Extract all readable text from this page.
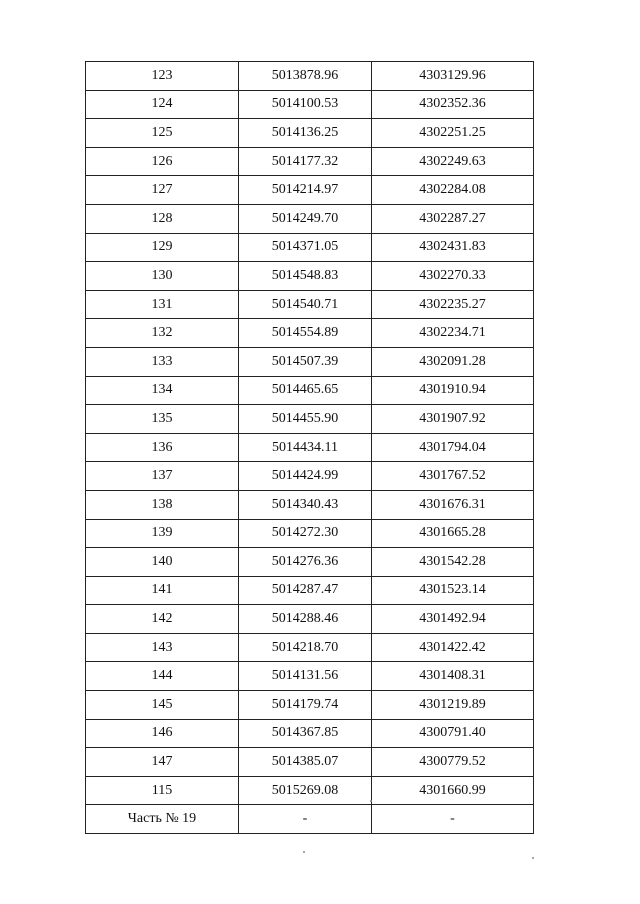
123	5013878.96	4303129.96
124	5014100.53	4302352.36
125	5014136.25	4302251.25
126	5014177.32	4302249.63
127	5014214.97	4302284.08
128	5014249.70	4302287.27
129	5014371.05	4302431.83
130	5014548.83	4302270.33
131	5014540.71	4302235.27
132	5014554.89	4302234.71
133	5014507.39	4302091.28
134	5014465.65	4301910.94
135	5014455.90	4301907.92
136	5014434.11	4301794.04
137	5014424.99	4301767.52
138	5014340.43	4301676.31
139	5014272.30	4301665.28
140	5014276.36	4301542.28
141	5014287.47	4301523.14
142	5014288.46	4301492.94
143	5014218.70	4301422.42
144	5014131.56	4301408.31
145	5014179.74	4301219.89
146	5014367.85	4300791.40
147	5014385.07	4300779.52
115	5015269.08	4301660.99
Часть № 19	-	-
